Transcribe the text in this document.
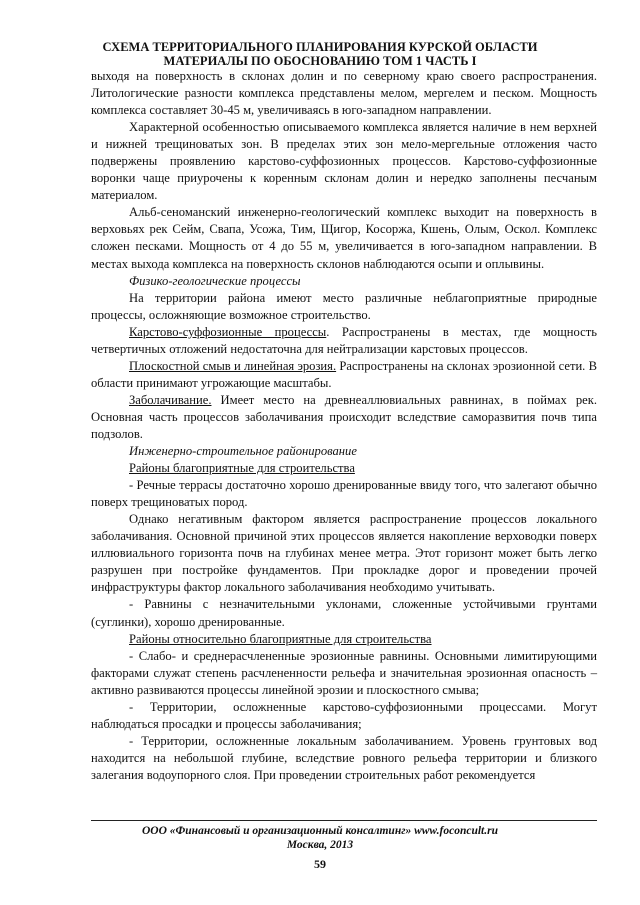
СХЕМА ТЕРРИТОРИАЛЬНОГО ПЛАНИРОВАНИЯ КУРСКОЙ ОБЛАСТИ
МАТЕРИАЛЫ ПО ОБОСНОВАНИЮ ТОМ 1 ЧАСТЬ I

выходя на поверхность в склонах долин и по северному краю своего распространения. Литологические разности комплекса представлены мелом, мергелем и песком. Мощность комплекса составляет 30-45 м, увеличиваясь в юго-западном направлении.

Характерной особенностью описываемого комплекса является наличие в нем верхней и нижней трещиноватых зон. В пределах этих зон мело-мергельные отложения часто подвержены проявлению карстово-суффозионных процессов. Карстово-суффозионные воронки чаще приурочены к коренным склонам долин и нередко заполнены песчаным материалом.

Альб-сеноманский инженерно-геологический комплекс выходит на поверхность в верховьях рек Сейм, Свапа, Усожа, Тим, Щигор, Косоржа, Кшень, Олым, Оскол. Комплекс сложен песками. Мощность от 4 до 55 м, увеличивается в юго-западном направлении. В местах выхода комплекса на поверхность склонов наблюдаются осыпи и оплывины.

Физико-геологические процессы

На территории района имеют место различные неблагоприятные природные процессы, осложняющие возможное строительство.

Карстово-суффозионные процессы. Распространены в местах, где мощность четвертичных отложений недостаточна для нейтрализации карстовых процессов.

Плоскостной смыв и линейная эрозия. Распространены на склонах эрозионной сети. В области принимают угрожающие масштабы.

Заболачивание. Имеет место на древнеаллювиальных равнинах, в поймах рек. Основная часть процессов заболачивания происходит вследствие саморазвития почв типа подзолов.

Инженерно-строительное районирование

Районы благоприятные для строительства

- Речные террасы достаточно хорошо дренированные ввиду того, что залегают обычно поверх трещиноватых пород.

Однако негативным фактором является распространение процессов локального заболачивания. Основной причиной этих процессов является накопление верховодки поверх иллювиального горизонта почв на глубинах менее метра. Этот горизонт может быть легко разрушен при постройке фундаментов. При прокладке дорог и проведении прочей инфраструктуры фактор локального заболачивания необходимо учитывать.

- Равнины с незначительными уклонами, сложенные устойчивыми грунтами (суглинки), хорошо дренированные.

Районы относительно благоприятные для строительства

- Слабо- и среднерасчлененные эрозионные равнины. Основными лимитирующими факторами служат степень расчлененности рельефа и значительная эрозионная опасность – активно развиваются процессы линейной эрозии и плоскостного смыва;

- Территории, осложненные карстово-суффозионными процессами. Могут наблюдаться просадки и процессы заболачивания;

- Территории, осложненные локальным заболачиванием. Уровень грунтовых вод находится на небольшой глубине, вследствие ровного рельефа территории и близкого залегания водоупорного слоя. При проведении строительных работ рекомендуется

ООО «Финансовый и организационный консалтинг» www.foconcult.ru
Москва, 2013
59
